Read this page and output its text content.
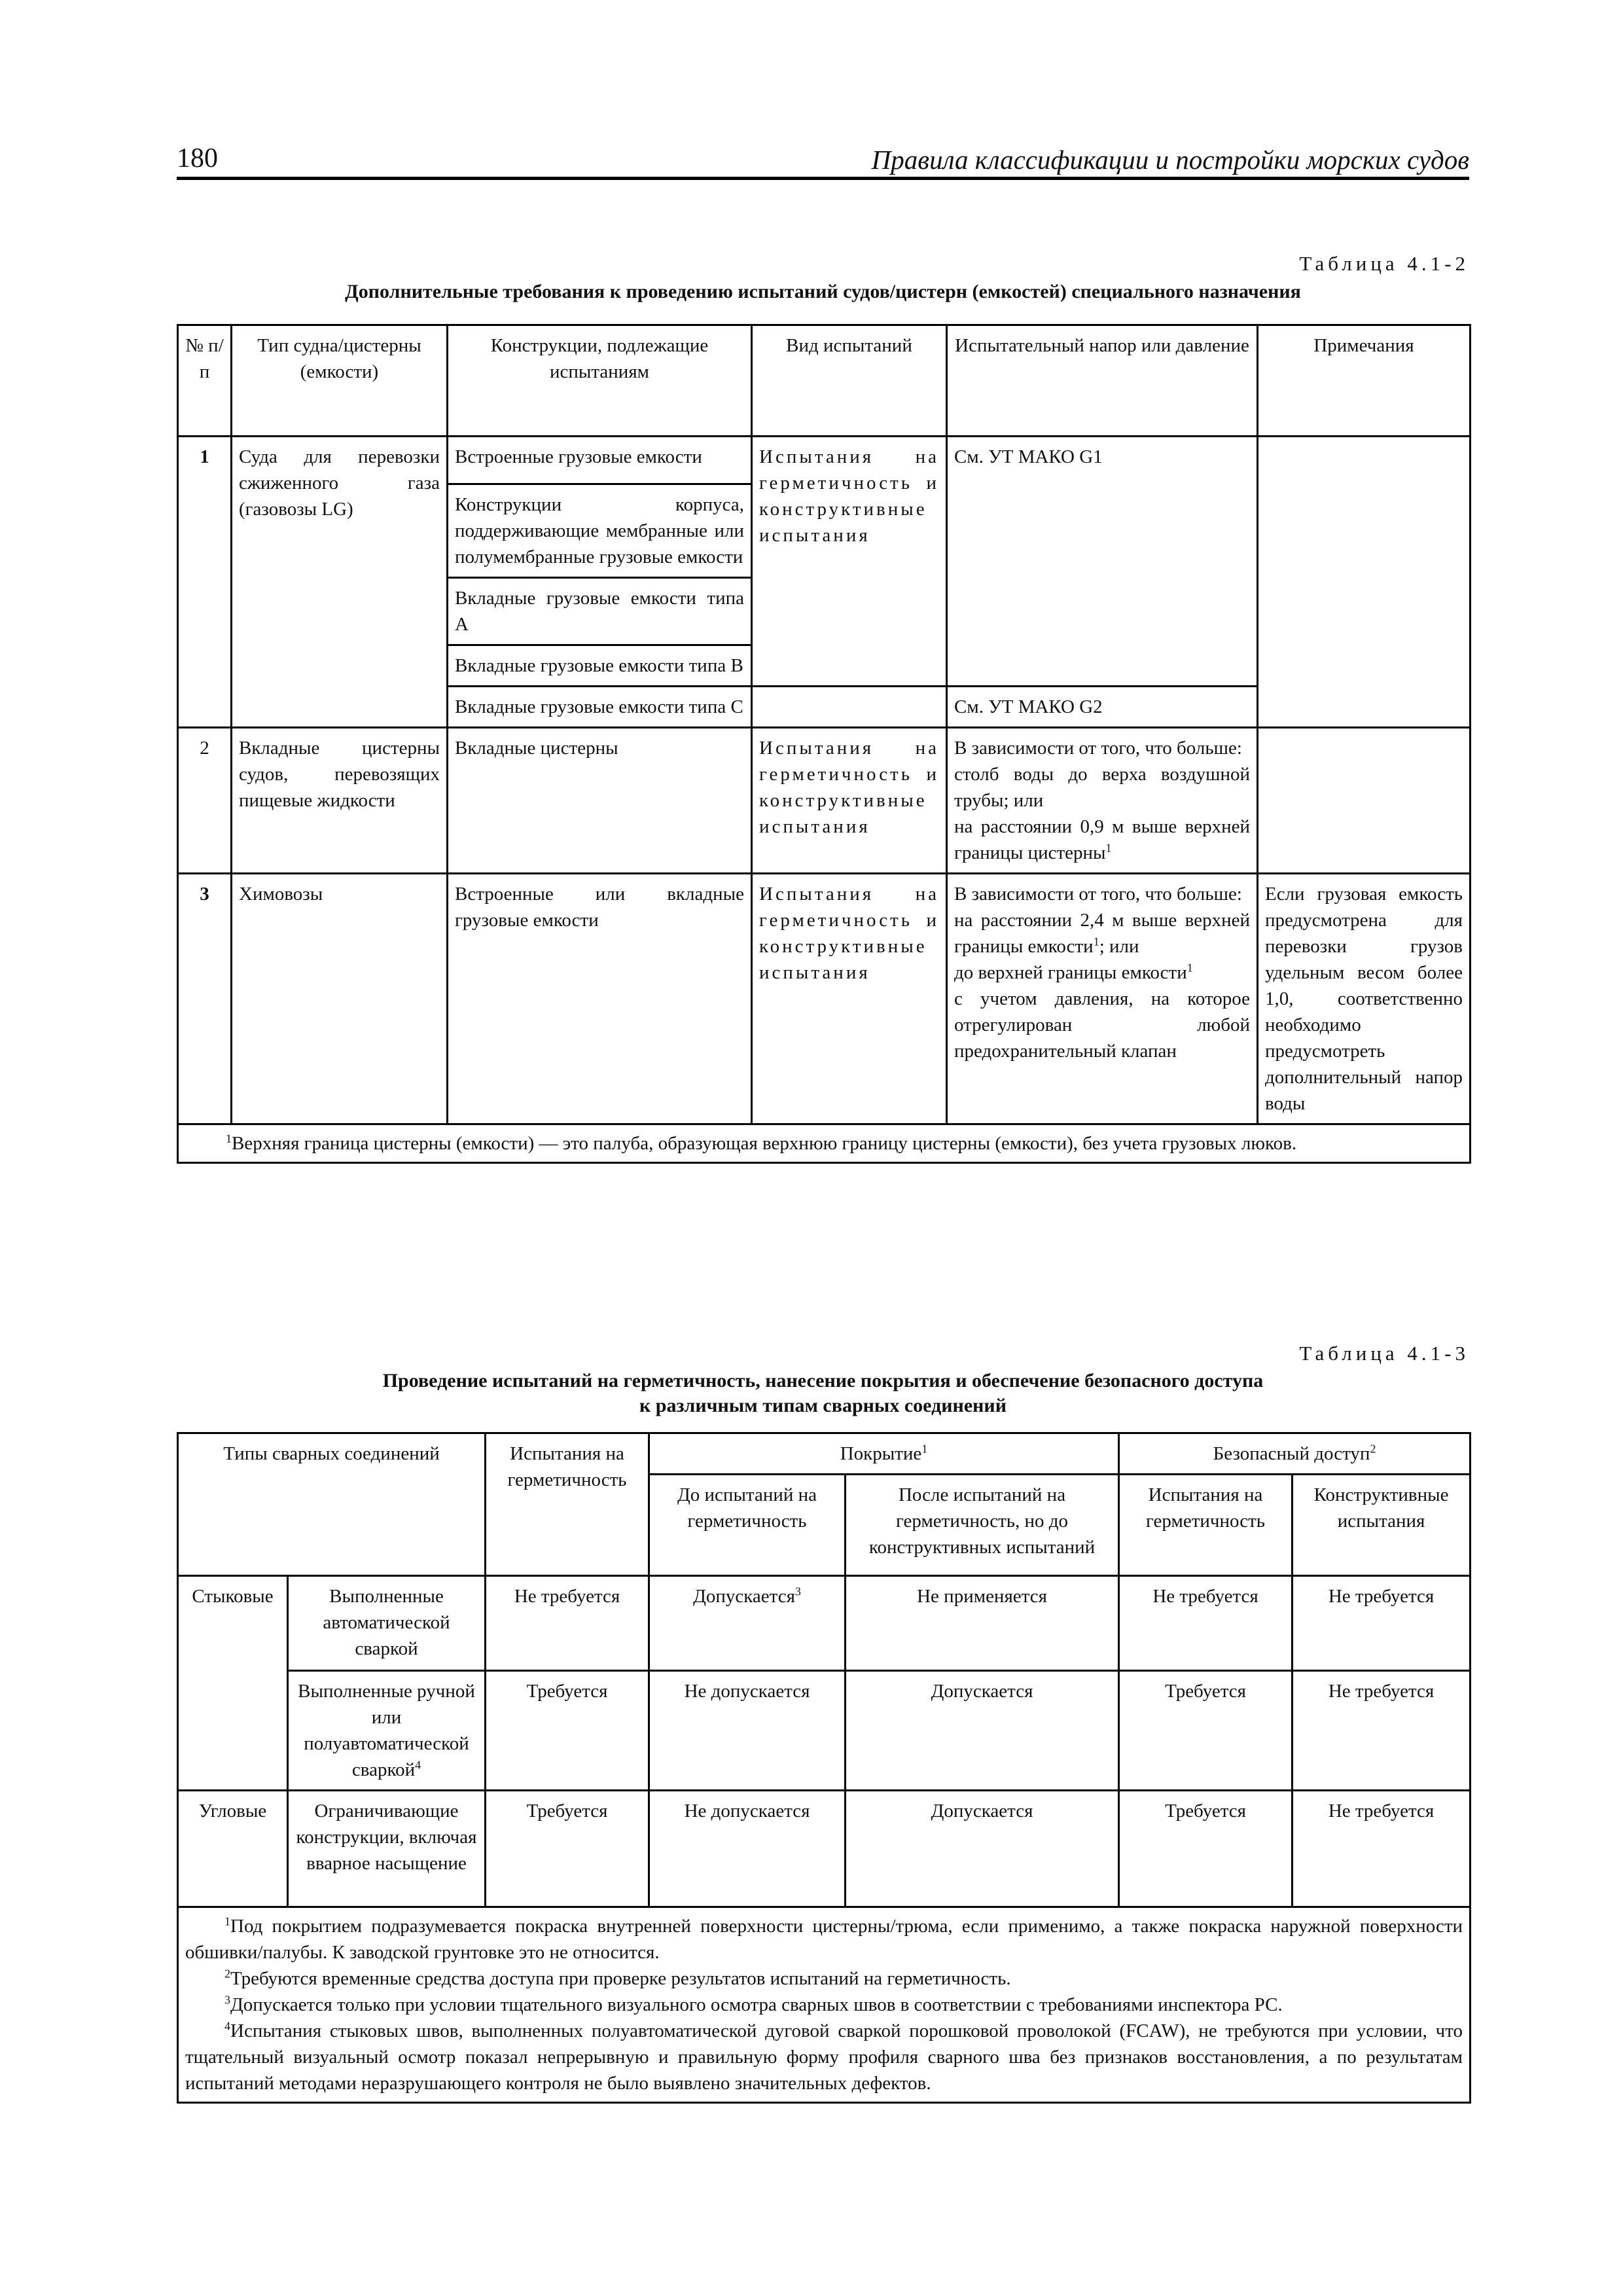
180	Правила классификации и постройки морских судов
Таблица 4.1-2
Дополнительные требования к проведению испытаний судов/цистерн (емкостей) специального назначения
№ п/п	Тип судна/цистерны (емкости)	Конструкции, подлежащие испытаниям	Вид испытаний	Испытательный напор или давление	Примечания
1	Суда для перевозки сжиженного газа (газовозы LG)	Встроенные грузовые емкости	Испытания на герметичность и конструктивные испытания	См. УТ МАКО G1	
		Конструкции корпуса, поддерживающие мембранные или полумембранные грузовые емкости			
		Вкладные грузовые емкости типа A			
		Вкладные грузовые емкости типа B			
		Вкладные грузовые емкости типа C		См. УТ МАКО G2	
2	Вкладные цистерны судов, перевозящих пищевые жидкости	Вкладные цистерны	Испытания на герметичность и конструктивные испытания	В зависимости от того, что больше:
столб воды до верха воздушной трубы; или
на расстоянии 0,9 м выше верхней границы цистерны$^1$

3	Химовозы	Встроенные или вкладные грузовые емкости	Испытания на герметичность и конструктивные испытания	В зависимости от того, что больше:
на расстоянии 2,4 м выше верхней границы емкости$^1$; или
до верхней границы емкости$^1$
с учетом давления, на которое отрегулирован любой предохранительный клапан	Если грузовая емкость предусмотрена для перевозки грузов удельным весом более 1,0, соответственно необходимо предусмотреть дополнительный напор воды
$^1$Верхняя граница цистерны (емкости) — это палуба, образующая верхнюю границу цистерны (емкости), без учета грузовых люков.					
Таблица 4.1-3
Проведение испытаний на герметичность, нанесение покрытия и обеспечение безопасного доступа
к различным типам сварных соединений
Типы сварных соединений		Испытания на герметичность	Покрытие$^1$		Безопасный доступ$^2$
			До испытаний на герметичность	После испытаний на герметичность, но до конструктивных испытаний	Испытания на герметичность	Конструктивные испытания
Стыковые	Выполненные автоматической сваркой	Не требуется	Допускается$^3$	Не применяется	Не требуется	Не требуется
	Выполненные ручной или полуавтоматической сваркой$^4$	Требуется	Не допускается	Допускается	Требуется	Не требуется
Угловые	Ограничивающие конструкции, включая вварное насыщение	Требуется	Не допускается	Допускается	Требуется	Не требуется

$^1$Под покрытием подразумевается покраска внутренней поверхности цистерны/трюма, если применимо, а также покраска наружной поверхности обшивки/палубы. К заводской грунтовке это не относится.

$^2$Требуются временные средства доступа при проверке результатов испытаний на герметичность.

$^3$Допускается только при условии тщательного визуального осмотра сварных швов в соответствии с требованиями инспектора РС.

$^4$Испытания стыковых швов, выполненных полуавтоматической дуговой сваркой порошковой проволокой (FCAW), не требуются при условии, что тщательный визуальный осмотр показал непрерывную и правильную форму профиля сварного шва без признаков восстановления, а по результатам испытаний методами неразрушающего контроля не было выявлено значительных дефектов.						
